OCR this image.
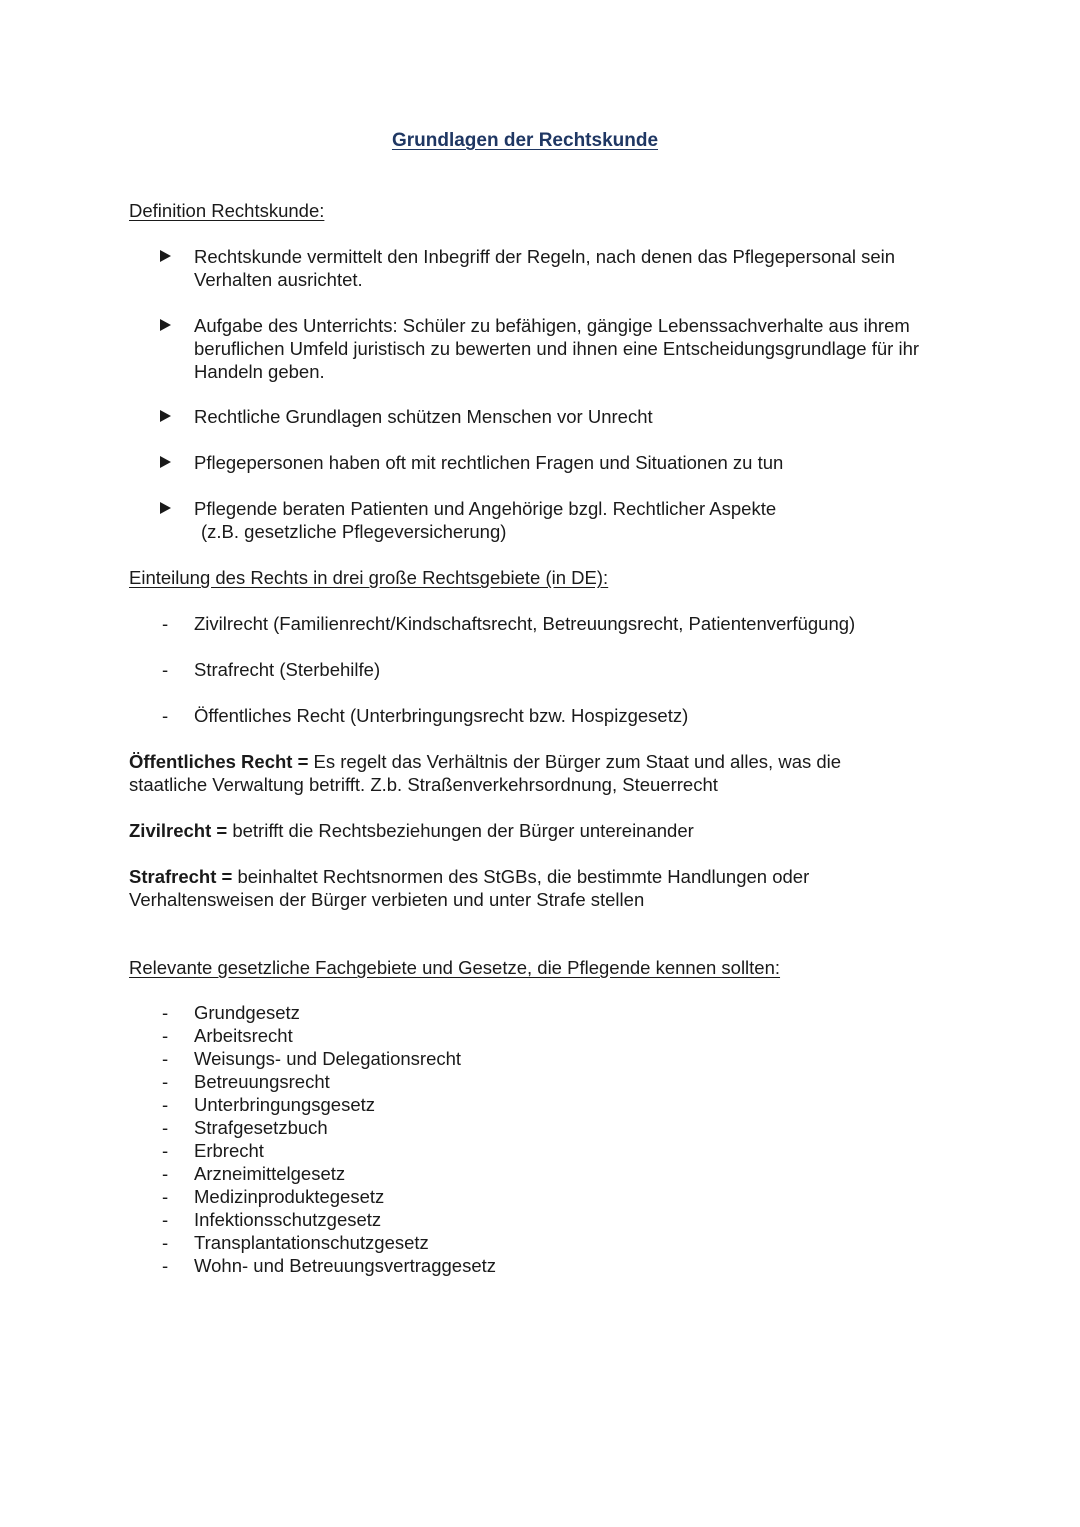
Grundlagen der Rechtskunde
Definition Rechtskunde:
Rechtskunde vermittelt den Inbegriff der Regeln, nach denen das Pflegepersonal sein Verhalten ausrichtet.
Aufgabe des Unterrichts: Schüler zu befähigen, gängige Lebenssachverhalte aus ihrem beruflichen Umfeld juristisch zu bewerten und ihnen eine Entscheidungsgrundlage für ihr Handeln geben.
Rechtliche Grundlagen schützen Menschen vor Unrecht
Pflegepersonen haben oft mit rechtlichen Fragen und Situationen zu tun
Pflegende beraten Patienten und Angehörige bzgl. Rechtlicher Aspekte
(z.B. gesetzliche Pflegeversicherung)
Einteilung des Rechts in drei große Rechtsgebiete (in DE):
- Zivilrecht (Familienrecht/Kindschaftsrecht, Betreuungsrecht, Patientenverfügung)
- Strafrecht (Sterbehilfe)
- Öffentliches Recht (Unterbringungsrecht bzw. Hospizgesetz)
Öffentliches Recht = Es regelt das Verhältnis der Bürger zum Staat und alles, was die staatliche Verwaltung betrifft. Z.b. Straßenverkehrsordnung, Steuerrecht
Zivilrecht = betrifft die Rechtsbeziehungen der Bürger untereinander
Strafrecht = beinhaltet Rechtsnormen des StGBs, die bestimmte Handlungen oder Verhaltensweisen der Bürger verbieten und unter Strafe stellen
Relevante gesetzliche Fachgebiete und Gesetze, die Pflegende kennen sollten:
- Grundgesetz
- Arbeitsrecht
- Weisungs- und Delegationsrecht
- Betreuungsrecht
- Unterbringungsgesetz
- Strafgesetzbuch
- Erbrecht
- Arzneimittelgesetz
- Medizinproduktegesetz
- Infektionsschutzgesetz
- Transplantationschutzgesetz
- Wohn- und Betreuungsvertraggesetz
